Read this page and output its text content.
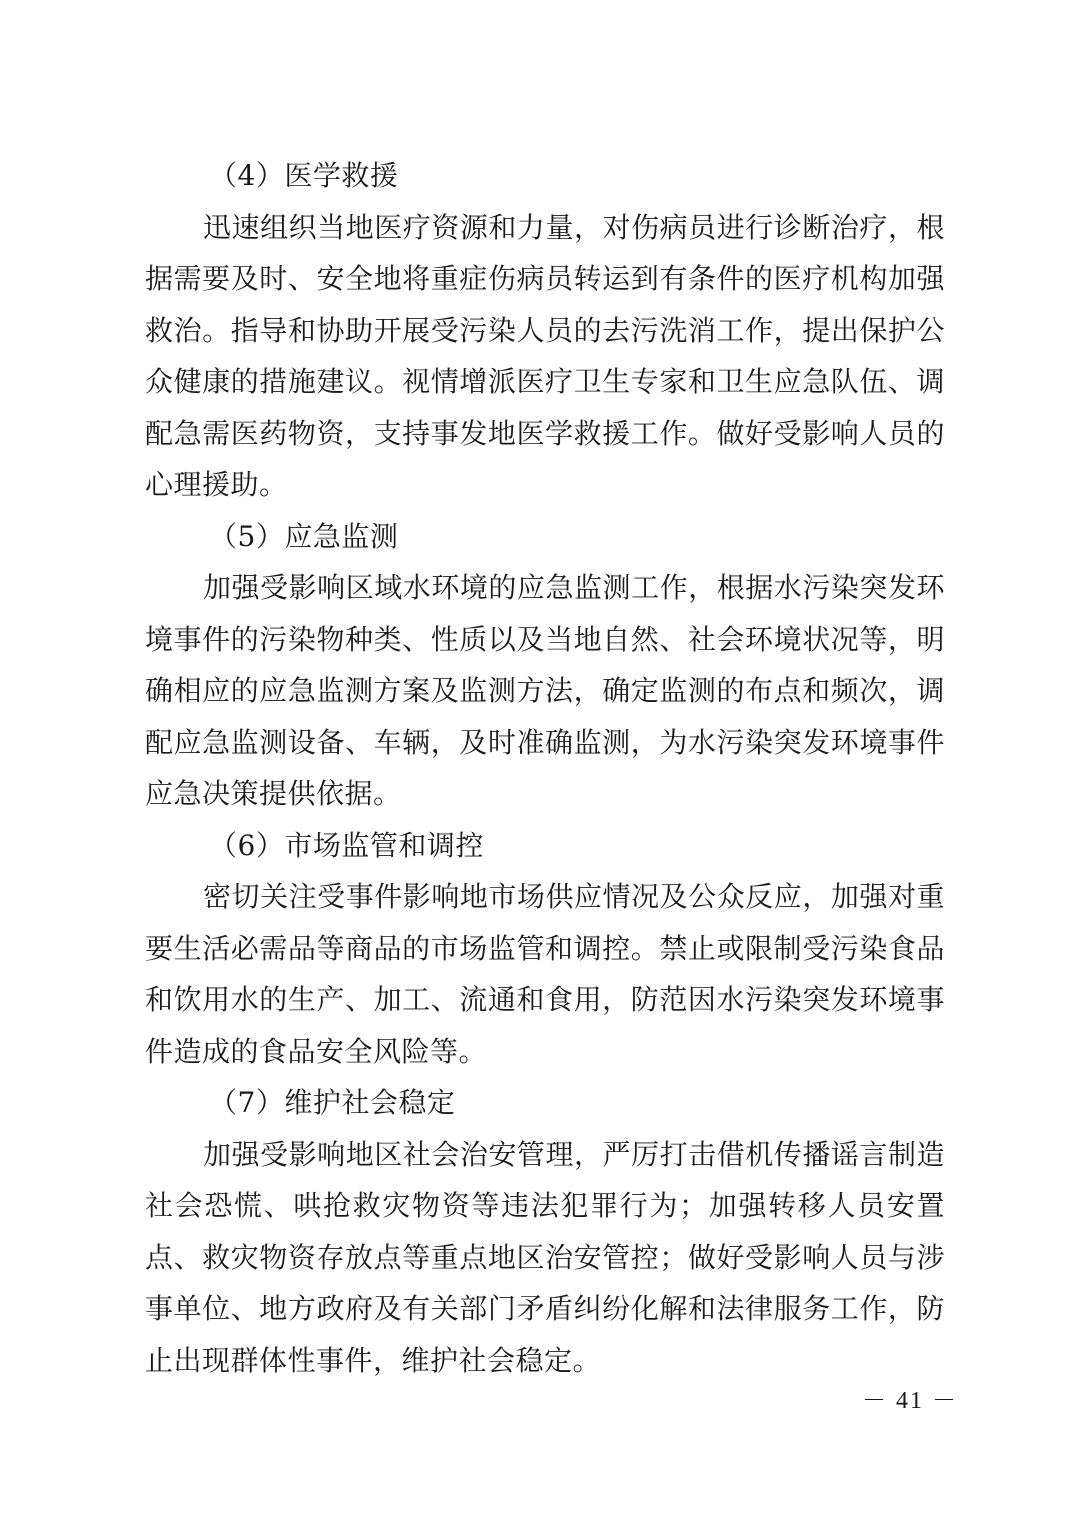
（4）医学救援

迅速组织当地医疗资源和力量，对伤病员进行诊断治疗，根据需要及时、安全地将重症伤病员转运到有条件的医疗机构加强救治。指导和协助开展受污染人员的去污洗消工作，提出保护公众健康的措施建议。视情增派医疗卫生专家和卫生应急队伍、调配急需医药物资，支持事发地医学救援工作。做好受影响人员的心理援助。

（5）应急监测

加强受影响区域水环境的应急监测工作，根据水污染突发环境事件的污染物种类、性质以及当地自然、社会环境状况等，明确相应的应急监测方案及监测方法，确定监测的布点和频次，调配应急监测设备、车辆，及时准确监测，为水污染突发环境事件应急决策提供依据。

（6）市场监管和调控

密切关注受事件影响地市场供应情况及公众反应，加强对重要生活必需品等商品的市场监管和调控。禁止或限制受污染食品和饮用水的生产、加工、流通和食用，防范因水污染突发环境事件造成的食品安全风险等。

（7）维护社会稳定

加强受影响地区社会治安管理，严厉打击借机传播谣言制造社会恐慌、哄抢救灾物资等违法犯罪行为；加强转移人员安置点、救灾物资存放点等重点地区治安管控；做好受影响人员与涉事单位、地方政府及有关部门矛盾纠纷化解和法律服务工作，防止出现群体性事件，维护社会稳定。

－ 41 －
